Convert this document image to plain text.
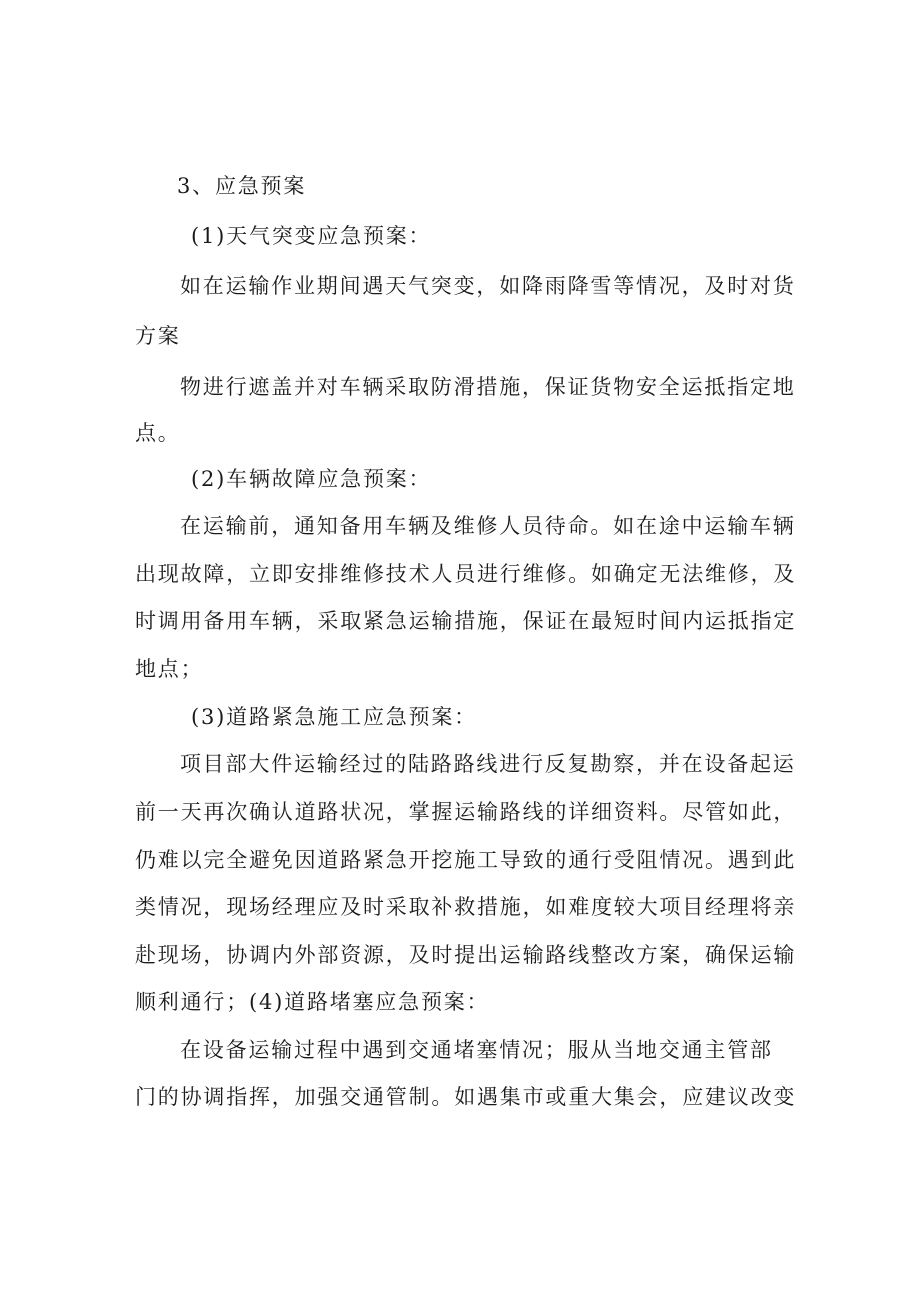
3、应急预案
(1)天气突变应急预案：
如在运输作业期间遇天气突变，如降雨降雪等情况，及时对货
方案
物进行遮盖并对车辆采取防滑措施，保证货物安全运抵指定地
点。
(2)车辆故障应急预案：
在运输前，通知备用车辆及维修人员待命。如在途中运输车辆
出现故障，立即安排维修技术人员进行维修。如确定无法维修，及
时调用备用车辆，采取紧急运输措施，保证在最短时间内运抵指定
地点；
(3)道路紧急施工应急预案：
项目部大件运输经过的陆路路线进行反复勘察，并在设备起运
前一天再次确认道路状况，掌握运输路线的详细资料。尽管如此，
仍难以完全避免因道路紧急开挖施工导致的通行受阻情况。遇到此
类情况，现场经理应及时采取补救措施，如难度较大项目经理将亲
赴现场，协调内外部资源，及时提出运输路线整改方案，确保运输
顺利通行；(4)道路堵塞应急预案：
在设备运输过程中遇到交通堵塞情况；服从当地交通主管部
门的协调指挥，加强交通管制。如遇集市或重大集会，应建议改变
